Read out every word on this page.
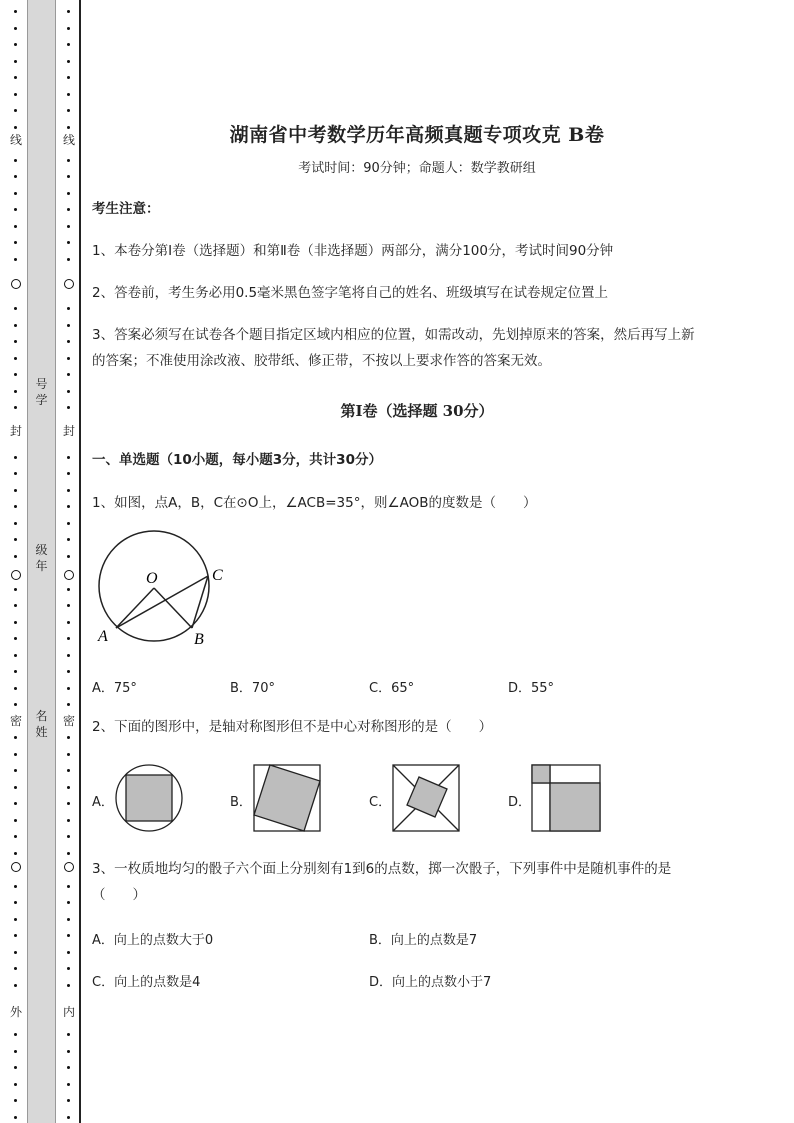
线
封
密
外
号学
级年
名姓
线
封
密
内
湖南省中考数学历年高频真题专项攻克 B卷
考试时间：90分钟；命题人：数学教研组
考生注意：
1、本卷分第I卷（选择题）和第Ⅱ卷（非选择题）两部分，满分100分，考试时间90分钟
2、答卷前，考生务必用0.5毫米黑色签字笔将自己的姓名、班级填写在试卷规定位置上
3、答案必须写在试卷各个题目指定区域内相应的位置，如需改动，先划掉原来的答案，然后再写上新
的答案；不准使用涂改液、胶带纸、修正带，不按以上要求作答的答案无效。
第I卷（选择题 30分）
一、单选题（10小题，每小题3分，共计30分）
1、如图，点A，B，C在⊙O上，∠ACB=35°，则∠AOB的度数是（　　）
O
A	B
C
A．75°	B．70°	C．65°	D．55°
2、下面的图形中，是轴对称图形但不是中心对称图形的是（　　）
A．	B．	C．	D．
3、一枚质地均匀的骰子六个面上分别刻有1到6的点数，掷一次骰子，下列事件中是随机事件的是
（　　）
A．向上的点数大于0	B．向上的点数是7
C．向上的点数是4	D．向上的点数小于7
